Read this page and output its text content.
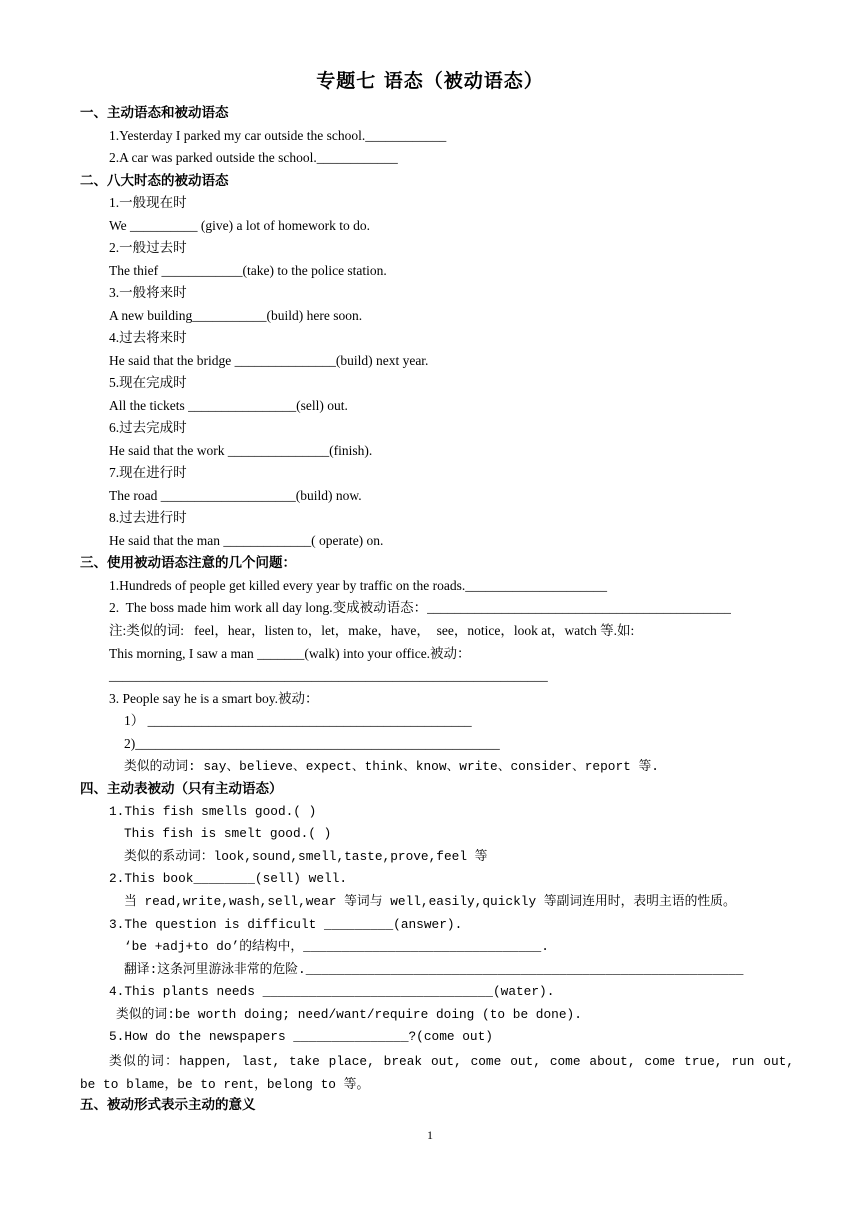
专题七 语态（被动语态）
一、主动语态和被动语态
1.Yesterday I parked my car outside the school.____________
2.A car was parked outside the school.____________
二、八大时态的被动语态
1.一般现在时
We __________ (give) a lot of homework to do.
2.一般过去时
The thief ____________(take) to the police station.
3.一般将来时
A new building___________(build) here soon.
4.过去将来时
He said that the bridge _______________(build) next year.
5.现在完成时
All the tickets ________________(sell) out.
6.过去完成时
He said that the work _______________(finish).
7.现在进行时
The road ____________________(build) now.
8.过去进行时
He said that the man _____________( operate) on.
三、使用被动语态注意的几个问题：
1.Hundreds of people get killed every year by traffic on the roads._____________________
2.  The boss made him work all day long.变成被动语态：_____________________________________________
注:类似的词:   feel，hear，listen to，let，make，have，  see，notice，look at，watch 等.如:
This morning, I saw a man _______(walk) into your office.被动：
_________________________________________________________________
3. People say he is a smart boy.被动：
1） ________________________________________________
2)______________________________________________________
类似的动词: say、believe、expect、think、know、write、consider、report 等.
四、主动表被动（只有主动语态）
1.This fish smells good.( )
This fish is smelt good.( )
类似的系动词：look,sound,smell,taste,prove,feel 等
2.This book________(sell) well.
当 read,write,wash,sell,wear 等词与 well,easily,quickly 等副词连用时，表明主语的性质。
3.The question is difficult _________(answer).
‘be +adj+to do’的结构中，_______________________________.
翻译:这条河里游泳非常的危险._________________________________________________________
4.This plants needs ______________________________(water).
类似的词:be worth doing; need/want/require doing (to be done).
5.How do the newspapers _______________?(come out)
类似的词：happen, last, take place, break out, come out, come about, come true, run out, be to blame，be to rent，belong to 等。
五、被动形式表示主动的意义
1
